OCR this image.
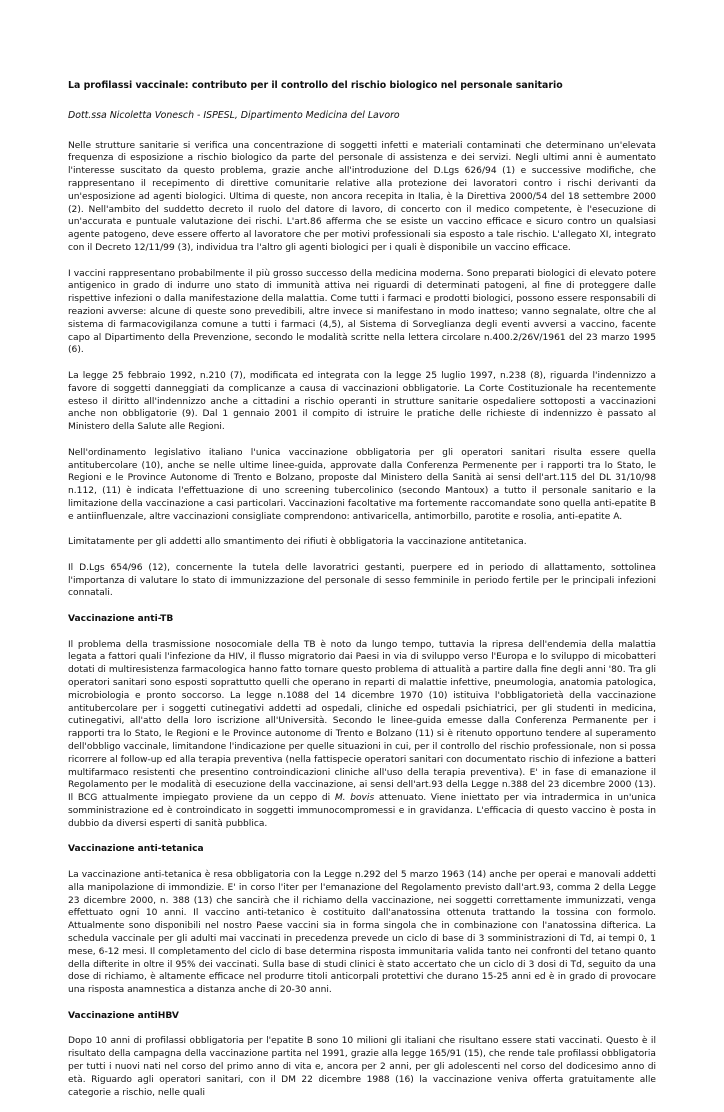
La profilassi vaccinale: contributo per il controllo del rischio biologico nel personale sanitario
Dott.ssa Nicoletta Vonesch - ISPESL, Dipartimento Medicina del Lavoro

Nelle strutture sanitarie si verifica una concentrazione di soggetti infetti e materiali contaminati che determinano un'elevata frequenza di esposizione a rischio biologico da parte del personale di assistenza e dei servizi. Negli ultimi anni è aumentato l'interesse suscitato da questo problema, grazie anche all'introduzione del D.Lgs 626/94 (1) e successive modifiche, che rappresentano il recepimento di direttive comunitarie relative alla protezione dei lavoratori contro i rischi derivanti da un'esposizione ad agenti biologici. Ultima di queste, non ancora recepita in Italia, è la Direttiva 2000/54 del 18 settembre 2000 (2). Nell'ambito del suddetto decreto il ruolo del datore di lavoro, di concerto con il medico competente, è l'esecuzione di un'accurata e puntuale valutazione dei rischi. L'art.86 afferma che se esiste un vaccino efficace e sicuro contro un qualsiasi agente patogeno, deve essere offerto al lavoratore che per motivi professionali sia esposto a tale rischio. L'allegato XI, integrato con il Decreto 12/11/99 (3), individua tra l'altro gli agenti biologici per i quali è disponibile un vaccino efficace.

I vaccini rappresentano probabilmente il più grosso successo della medicina moderna. Sono preparati biologici di elevato potere antigenico in grado di indurre uno stato di immunità attiva nei riguardi di determinati patogeni, al fine di proteggere dalle rispettive infezioni o dalla manifestazione della malattia. Come tutti i farmaci e prodotti biologici, possono essere responsabili di reazioni avverse: alcune di queste sono prevedibili, altre invece si manifestano in modo inatteso; vanno segnalate, oltre che al sistema di farmacovigilanza comune a tutti i farmaci (4,5), al Sistema di Sorveglianza degli eventi avversi a vaccino, facente capo al Dipartimento della Prevenzione, secondo le modalità scritte nella lettera circolare n.400.2/26V/1961 del 23 marzo 1995 (6).

La legge 25 febbraio 1992, n.210 (7), modificata ed integrata con la legge 25 luglio 1997, n.238 (8), riguarda l'indennizzo a favore di soggetti danneggiati da complicanze a causa di vaccinazioni obbligatorie. La Corte Costituzionale ha recentemente esteso il diritto all'indennizzo anche a cittadini a rischio operanti in strutture sanitarie ospedaliere sottoposti a vaccinazioni anche non obbligatorie (9). Dal 1 gennaio 2001 il compito di istruire le pratiche delle richieste di indennizzo è passato al Ministero della Salute alle Regioni.

Nell'ordinamento legislativo italiano l'unica vaccinazione obbligatoria per gli operatori sanitari risulta essere quella antitubercolare (10), anche se nelle ultime linee-guida, approvate dalla Conferenza Permenente per i rapporti tra lo Stato, le Regioni e le Province Autonome di Trento e Bolzano, proposte dal Ministero della Sanità ai sensi dell'art.115 del DL 31/10/98 n.112, (11) è indicata l'effettuazione di uno screening tubercolinico (secondo Mantoux) a tutto il personale sanitario e la limitazione della vaccinazione a casi particolari. Vaccinazioni facoltative ma fortemente raccomandate sono quella anti-epatite B e antiinfluenzale, altre vaccinazioni consigliate comprendono: antivaricella, antimorbillo, parotite e rosolia, anti-epatite A.

Limitatamente per gli addetti allo smantimento dei rifiuti è obbligatoria la vaccinazione antitetanica.

Il D.Lgs 654/96 (12), concernente la tutela delle lavoratrici gestanti, puerpere ed in periodo di allattamento, sottolinea l'importanza di valutare lo stato di immunizzazione del personale di sesso femminile in periodo fertile per le principali infezioni connatali.

Vaccinazione anti-TB

Il problema della trasmissione nosocomiale della TB è noto da lungo tempo, tuttavia la ripresa dell'endemia della malattia legata a fattori quali l'infezione da HIV, il flusso migratorio dai Paesi in via di sviluppo verso l'Europa e lo sviluppo di micobatteri dotati di multiresistenza farmacologica hanno fatto tornare questo problema di attualità a partire dalla fine degli anni '80. Tra gli operatori sanitari sono esposti soprattutto quelli che operano in reparti di malattie infettive, pneumologia, anatomia patologica, microbiologia e pronto soccorso. La legge n.1088 del 14 dicembre 1970 (10) istituiva l'obbligatorietà della vaccinazione antitubercolare per i soggetti cutinegativi addetti ad ospedali, cliniche ed ospedali psichiatrici, per gli studenti in medicina, cutinegativi, all'atto della loro iscrizione all'Università. Secondo le linee-guida emesse dalla Conferenza Permanente per i rapporti tra lo Stato, le Regioni e le Province autonome di Trento e Bolzano (11) si è ritenuto opportuno tendere al superamento dell'obbligo vaccinale, limitandone l'indicazione per quelle situazioni in cui, per il controllo del rischio professionale, non si possa ricorrere al follow-up ed alla terapia preventiva (nella fattispecie operatori sanitari con documentato rischio di infezione a batteri multifarmaco resistenti che presentino controindicazioni cliniche all'uso della terapia preventiva). E' in fase di emanazione il Regolamento per le modalità di esecuzione della vaccinazione, ai sensi dell'art.93 della Legge n.388 del 23 dicembre 2000 (13). Il BCG attualmente impiegato proviene da un ceppo di M. bovis attenuato. Viene iniettato per via intradermica in un'unica somministrazione ed è controindicato in soggetti immunocompromessi e in gravidanza. L'efficacia di questo vaccino è posta in dubbio da diversi esperti di sanità pubblica.

Vaccinazione anti-tetanica

La vaccinazione anti-tetanica è resa obbligatoria con la Legge n.292 del 5 marzo 1963 (14) anche per operai e manovali addetti alla manipolazione di immondizie. E' in corso l'iter per l'emanazione del Regolamento previsto dall'art.93, comma 2 della Legge 23 dicembre 2000, n. 388 (13) che sancirà che il richiamo della vaccinazione, nei soggetti correttamente immunizzati, venga effettuato ogni 10 anni. Il vaccino anti-tetanico è costituito dall'anatossina ottenuta trattando la tossina con formolo. Attualmente sono disponibili nel nostro Paese vaccini sia in forma singola che in combinazione con l'anatossina difterica. La schedula vaccinale per gli adulti mai vaccinati in precedenza prevede un ciclo di base di 3 somministrazioni di Td, ai tempi 0, 1 mese, 6-12 mesi. Il completamento del ciclo di base determina risposta immunitaria valida tanto nei confronti del tetano quanto della difterite in oltre il 95% dei vaccinati. Sulla base di studi clinici è stato accertato che un ciclo di 3 dosi di Td, seguito da una dose di richiamo, è altamente efficace nel produrre titoli anticorpali protettivi che durano 15-25 anni ed è in grado di provocare una risposta anamnestica a distanza anche di 20-30 anni.

Vaccinazione antiHBV

Dopo 10 anni di profilassi obbligatoria per l'epatite B sono 10 milioni gli italiani che risultano essere stati vaccinati. Questo è il risultato della campagna della vaccinazione partita nel 1991, grazie alla legge 165/91 (15), che rende tale profilassi obbligatoria per tutti i nuovi nati nel corso del primo anno di vita e, ancora per 2 anni, per gli adolescenti nel corso del dodicesimo anno di età. Riguardo agli operatori sanitari, con il DM 22 dicembre 1988 (16) la vaccinazione veniva offerta gratuitamente alle categorie a rischio, nelle quali
